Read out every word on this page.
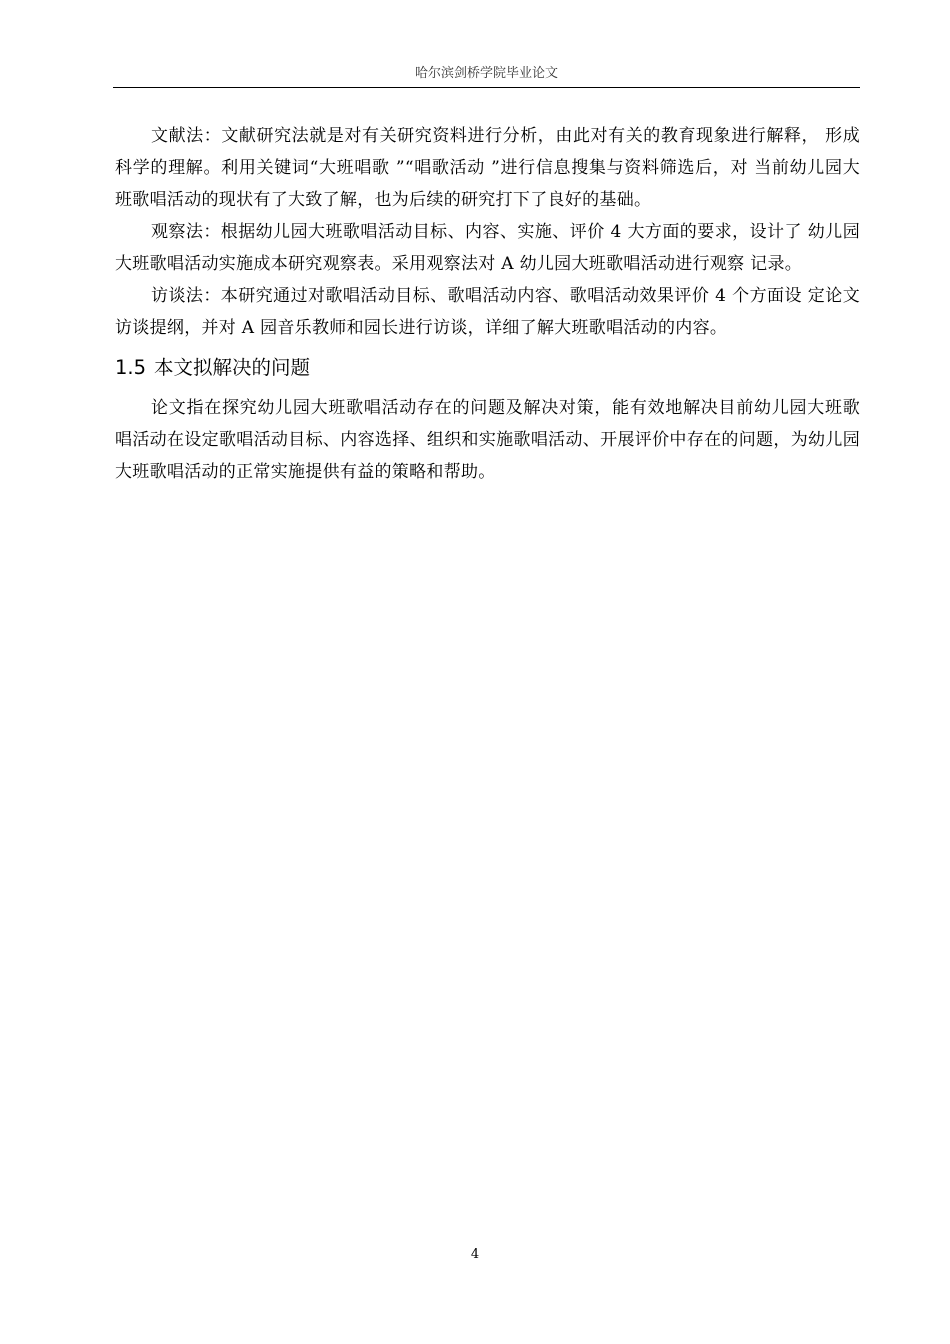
哈尔滨剑桥学院毕业论文

文献法：文献研究法就是对有关研究资料进行分析，由此对有关的教育现象进行解释， 形成科学的理解。利用关键词“大班唱歌 ”“唱歌活动 ”进行信息搜集与资料筛选后，对 当前幼儿园大班歌唱活动的现状有了大致了解，也为后续的研究打下了良好的基础。

观察法：根据幼儿园大班歌唱活动目标、内容、实施、评价 4 大方面的要求，设计了 幼儿园大班歌唱活动实施成本研究观察表。采用观察法对 A 幼儿园大班歌唱活动进行观察 记录。

访谈法：本研究通过对歌唱活动目标、歌唱活动内容、歌唱活动效果评价 4 个方面设 定论文访谈提纲，并对 A 园音乐教师和园长进行访谈，详细了解大班歌唱活动的内容。

1.5 本文拟解决的问题

论文指在探究幼儿园大班歌唱活动存在的问题及解决对策，能有效地解决目前幼儿园大班歌唱活动在设定歌唱活动目标、内容选择、组织和实施歌唱活动、开展评价中存在的问题，为幼儿园大班歌唱活动的正常实施提供有益的策略和帮助。

4
